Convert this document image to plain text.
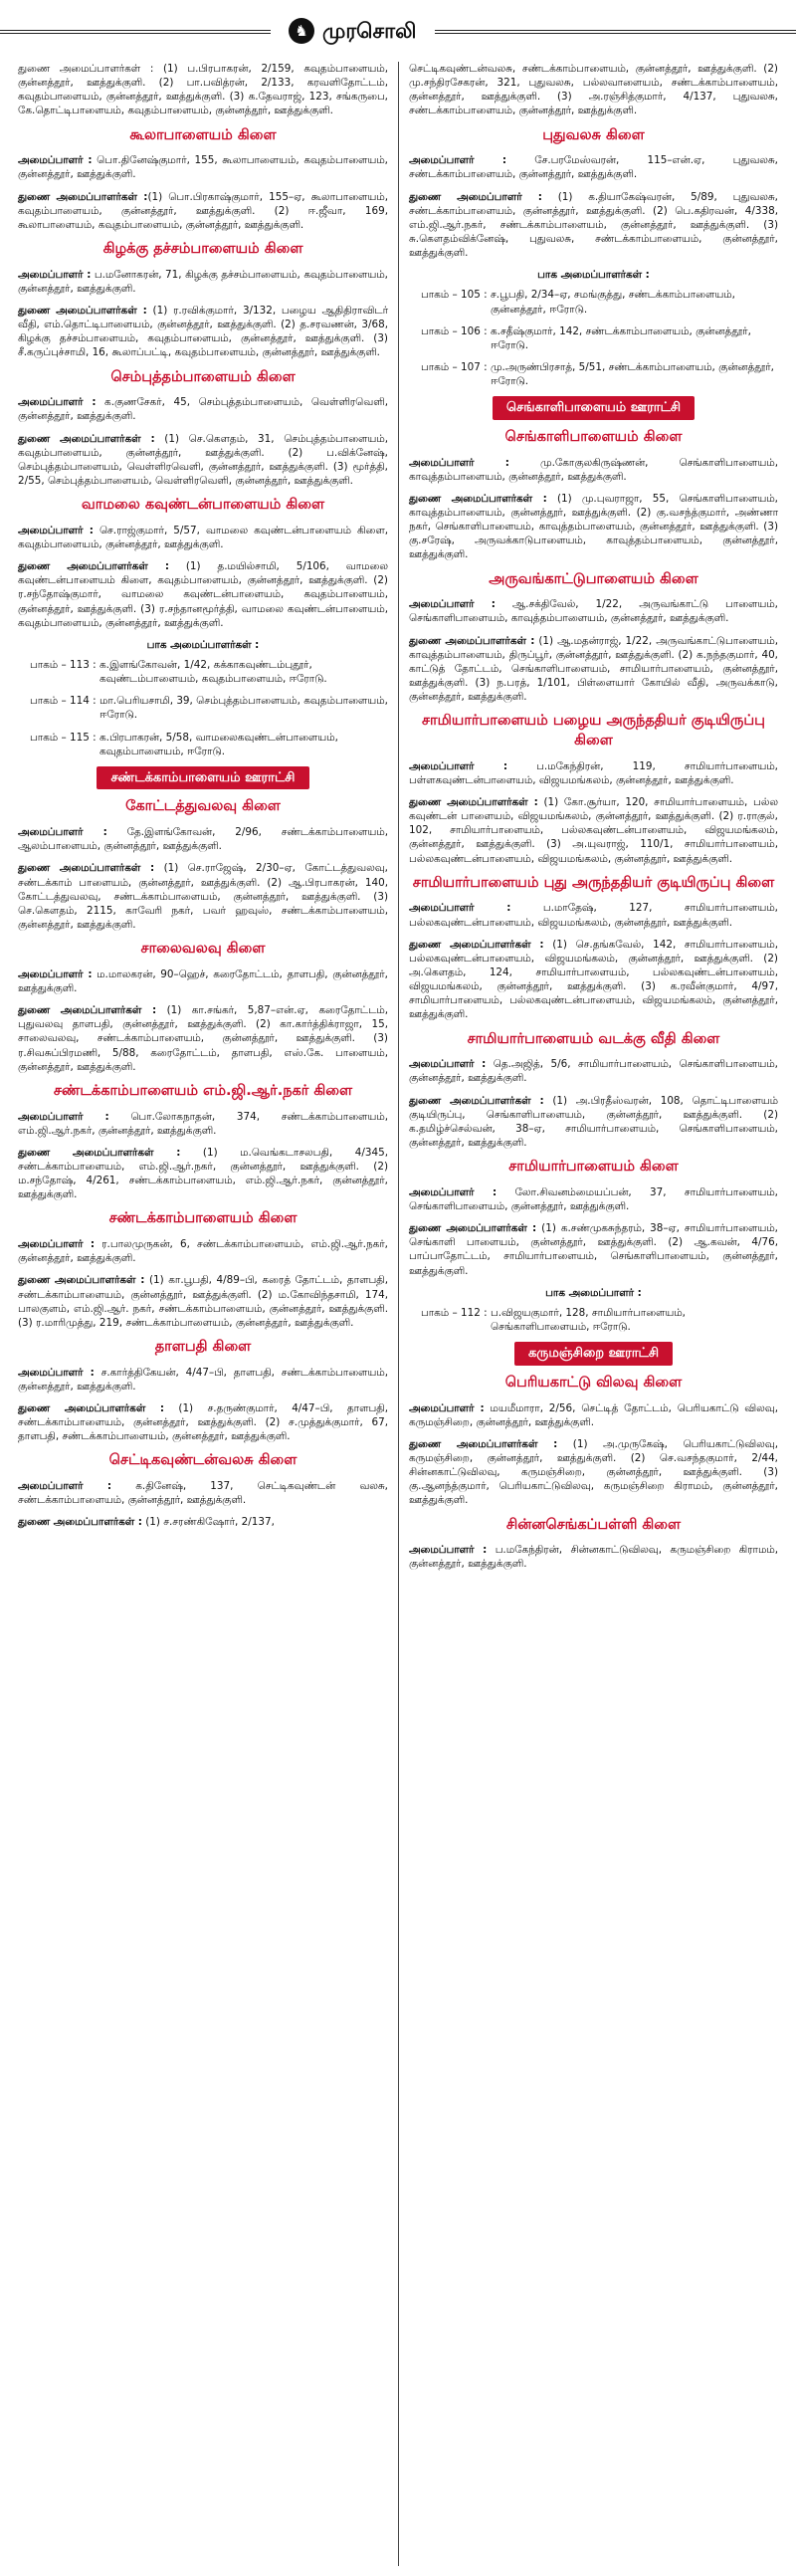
♞ முரசொலி

துணை அமைப்பாளர்கள் : (1) ப.பிரபாகரன், 2/159, கவுதம்பாளையம், குன்னத்தூர், ஊத்துக்குளி. (2) பா.பவித்ரன், 2/133, கரவளிதோட்டம், கவுதம்பாளையம், குன்னத்தூர், ஊத்துக்குளி. (3) க.தேவராஜ், 123, சங்கருபை, கே.தொட்டிபாளையம், கவுதம்பாளையம், குன்னத்தூர், ஊத்துக்குளி.

கூலாபாளையம் கிளை

அமைப்பாளர் : பொ.தினேஷ்குமார், 155, கூலாபாளையம், கவுதம்பாளையம், குன்னத்தூர், ஊத்துக்குளி.

துணை அமைப்பாளர்கள் :(1) பொ.பிரகாஷ்குமார், 155–ஏ, கூலாபாளையம், கவுதம்பாளையம், குன்னத்தூர், ஊத்துக்குளி. (2) ஈ.ஜீவா, 169, கூலாபாளையம், கவுதம்பாளையம், குன்னத்தூர், ஊத்துக்குளி.

கிழக்கு தச்சம்பாளையம் கிளை

அமைப்பாளர் : ப.மனோகரன், 71, கிழக்கு தச்சம்பாளையம், கவுதம்பாளையம், குன்னத்தூர், ஊத்துக்குளி.

துணை அமைப்பாளர்கள் : (1) ர.ரவிக்குமார், 3/132, பழைய ஆதிதிராவிடர் வீதி, எம்.தொட்டிபாளையம், குன்னத்தூர், ஊத்துக்குளி. (2) த.சரவணன், 3/68, கிழக்கு தச்சம்பாளையம், கவுதம்பாளையம், குன்னத்தூர், ஊத்துக்குளி. (3) சீ.கருப்புச்சாமி, 16, கூலாப்பட்டி, கவுதம்பாளையம், குன்னத்தூர், ஊத்துக்குளி.

செம்புத்தம்பாளையம் கிளை

அமைப்பாளர் : க.குணசேகர், 45, செம்புத்தம்பாளையம், வெள்ளிரவெளி, குன்னத்தூர், ஊத்துக்குளி.

துணை அமைப்பாளர்கள் : (1) செ.கௌதம், 31, செம்புத்தம்பாளையம், கவுதம்பாளையம், குன்னத்தூர், ஊத்துக்குளி. (2) ப.விக்னேஷ், செம்புத்தம்பாளையம், வெள்ளிரவெளி, குன்னத்தூர், ஊத்துக்குளி. (3) மூர்த்தி, 2/55, செம்புத்தம்பாளையம், வெள்ளிரவெளி, குன்னத்தூர், ஊத்துக்குளி.

வாமலை கவுண்டன்பாளையம் கிளை

அமைப்பாளர் : செ.ராஜ்குமார், 5/57, வாமலை கவுண்டன்பாளையம் கிளை, கவுதம்பாளையம், குன்னத்தூர், ஊத்துக்குளி.

துணை அமைப்பாளர்கள் : (1) த.மயில்சாமி, 5/106, வாமலை கவுண்டன்பாளையம் கிளை, கவுதம்பாளையம், குன்னத்தூர், ஊத்துக்குளி. (2) ர.சந்தோஷ்குமார், வாமலை கவுண்டன்பாளையம், கவுதம்பாளையம், குன்னத்தூர், ஊத்துக்குளி. (3) ர.சந்தானமூர்த்தி, வாமலை கவுண்டன்பாளையம், கவுதம்பாளையம், குன்னத்தூர், ஊத்துக்குளி.

பாக அமைப்பாளர்கள் :
பாகம் – 113 : க.இளங்கோவன், 1/42, கக்காகவுண்டம்புதூர், கவுண்டம்பாளையம், கவுதம்பாளையம், ஈரோடு.
பாகம் – 114 : மா.பெரியசாமி, 39, செம்புத்தம்பாளையம், கவுதம்பாளையம், ஈரோடு.
பாகம் – 115 : க.பிரபாகரன், 5/58, வாமலைகவுண்டன்பாளையம், கவுதம்பாளையம், ஈரோடு.
சண்டக்காம்பாளையம் ஊராட்சி
கோட்டத்துவலவு கிளை

அமைப்பாளர் : தே.இளங்கோவன், 2/96, சண்டக்காம்பாளையம், ஆலம்பாளையம், குன்னத்தூர், ஊத்துக்குளி.

துணை அமைப்பாளர்கள் : (1) செ.ராஜேஷ், 2/30–ஏ, கோட்டத்துவலவு, சண்டக்காம் பாளையம், குன்னத்தூர், ஊத்துக்குளி. (2) ஆ.பிரபாகரன், 140, கோட்டத்துவலவு, சண்டக்காம்பாளையம், குன்னத்தூர், ஊத்துக்குளி. (3) செ.கௌதம், 2115, காவேரி நகர், பவர் ஹவுஸ், சண்டக்காம்பாளையம், குன்னத்தூர், ஊத்துக்குளி.

சாலைவலவு கிளை

அமைப்பாளர் : ம.மாலகரன், 90–ஹெச், கரைதோட்டம், தாளபதி, குன்னத்தூர், ஊத்துக்குளி.

துணை அமைப்பாளர்கள் : (1) கா.சங்கர், 5,87–என்.ஏ, கரைதோட்டம், புதுவலவு தாளபதி, குன்னத்தூர், ஊத்துக்குளி. (2) கா.கார்த்திக்ராஜா, 15, சாலைவலவு, சண்டக்காம்பாளையம், குன்னத்தூர், ஊத்துக்குளி. (3) ர.சிவசுப்பிரமணி, 5/88, கரைதோட்டம், தாளபதி, எஸ்.கே. பாளையம், குன்னத்தூர், ஊத்துக்குளி.

சண்டக்காம்பாளையம் எம்.ஜி.ஆர்.நகர் கிளை

அமைப்பாளர் : பொ.லோகநாதன், 374, சண்டக்காம்பாளையம், எம்.ஜி.ஆர்.நகர், குன்னத்தூர், ஊத்துக்குளி.

துணை அமைப்பாளர்கள் : (1) ம.வெங்கடாசலபதி, 4/345, சண்டக்காம்பாளையம், எம்.ஜி.ஆர்.நகர், குன்னத்தூர், ஊத்துக்குளி. (2) ம.சந்தோஷ், 4/261, சண்டக்காம்பாளையம், எம்.ஜி.ஆர்.நகர், குன்னத்தூர், ஊத்துக்குளி.

சண்டக்காம்பாளையம் கிளை

அமைப்பாளர் : ர.பாலமுருகன், 6, சண்டக்காம்பாளையம், எம்.ஜி.ஆர்.நகர், குன்னத்தூர், ஊத்துக்குளி.

துணை அமைப்பாளர்கள் : (1) கா.பூபதி, 4/89–பி, கரைத் தோட்டம், தாளபதி, சண்டக்காம்பாளையம், குன்னத்தூர், ஊத்துக்குளி. (2) ம.கோவிந்தசாமி, 174, பாலகுளம், எம்.ஜி.ஆர். நகர், சண்டக்காம்பாளையம், குன்னத்தூர், ஊத்துக்குளி. (3) ர.மாரிமுத்து, 219, சண்டக்காம்பாளையம், குன்னத்தூர், ஊத்துக்குளி.

தாளபதி கிளை

அமைப்பாளர் : ச.கார்த்திகேயன், 4/47–பி, தாளபதி, சண்டக்காம்பாளையம், குன்னத்தூர், ஊத்துக்குளி.

துணை அமைப்பாளர்கள் : (1) ச.தருண்குமார், 4/47–பி, தாளபதி, சண்டக்காம்பாளையம், குன்னத்தூர், ஊத்துக்குளி. (2) ச.முத்துக்குமார், 67, தாளபதி, சண்டக்காம்பாளையம், குன்னத்தூர், ஊத்துக்குளி.

செட்டிகவுண்டன்வலசு கிளை

அமைப்பாளர் : க.தினேஷ், 137, செட்டிகவுண்டன் வலசு, சண்டக்காம்பாளையம், குன்னத்தூர், ஊத்துக்குளி.

துணை அமைப்பாளர்கள் : (1) ச.சரண்கிஷோர், 2/137,

செட்டிகவுண்டன்வலசு, சண்டக்காம்பாளையம், குன்னத்தூர், ஊத்துக்குளி. (2) மு.சந்திரசேகரன், 321, புதுவலசு, பல்லவாளையம், சண்டக்காம்பாளையம், குன்னத்தூர், ஊத்துக்குளி. (3) அ.ரஞ்சித்குமார், 4/137, புதுவலசு, சண்டக்காம்பாளையம், குன்னத்தூர், ஊத்துக்குளி.

புதுவலசு கிளை

அமைப்பாளர் : சே.பரமேஸ்வரன், 115–என்.ஏ, புதுவலசு, சண்டக்காம்பாளையம், குன்னத்தூர், ஊத்துக்குளி.

துணை அமைப்பாளர் : (1) க.தியாகேஷ்வரன், 5/89, புதுவலசு, சண்டக்காம்பாளையம், குன்னத்தூர், ஊத்துக்குளி. (2) பெ.கதிரவன், 4/338, எம்.ஜி.ஆர்.நகர், சண்டக்காம்பாளையம், குன்னத்தூர், ஊத்துக்குளி. (3) சு.கௌதம்விக்னேஷ், புதுவலசு, சண்டக்காம்பாளையம், குன்னத்தூர், ஊத்துக்குளி.

பாக அமைப்பாளர்கள் :
பாகம் – 105 : ச.பூபதி, 2/34–ஏ, சமங்குத்து, சண்டக்காம்பாளையம், குன்னத்தூர், ஈரோடு.
பாகம் – 106 : க.சதீஷ்குமார், 142, சண்டக்காம்பாளையம், குன்னத்தூர், ஈரோடு.
பாகம் – 107 : மு.அருண்பிரசாத், 5/51, சண்டக்காம்பாளையம், குன்னத்தூர், ஈரோடு.
செங்காளிபாளையம் ஊராட்சி
செங்காளிபாளையம் கிளை

அமைப்பாளர் : மு.கோகுலகிருஷ்ணன், செங்காளிபாளையம், காவுத்தம்பாளையம், குன்னத்தூர், ஊத்துக்குளி.

துணை அமைப்பாளர்கள் : (1) மு.புவராஜா, 55, செங்காளிபாளையம், காவுத்தம்பாளையம், குன்னத்தூர், ஊத்துக்குளி. (2) கு.வசந்த்குமார், அண்ணா நகர், செங்காளிபாளையம், காவுத்தம்பாளையம், குன்னத்தூர், ஊத்துக்குளி. (3) கு.சரேஷ், அருவக்காடுபாளையம், காவுத்தம்பாளையம், குன்னத்தூர், ஊத்துக்குளி.

அருவங்காட்டுபாளையம் கிளை

அமைப்பாளர் : ஆ.சக்திவேல், 1/22, அருவங்காட்டு பாளையம், செங்காளிபாளையம், காவுத்தம்பாளையம், குன்னத்தூர், ஊத்துக்குளி.

துணை அமைப்பாளர்கள் : (1) ஆ.மதன்ராஜ், 1/22, அருவங்காட்டுபாளையம், காவுத்தம்பாளையம், திருப்பூர், குன்னத்தூர், ஊத்துக்குளி. (2) க.நந்தகுமார், 40, காட்டுத் தோட்டம், செங்காளிபாளையம், சாமியார்பாளையம், குன்னத்தூர், ஊத்துக்குளி. (3) ந.பரத், 1/101, பிள்ளையார் கோயில் வீதி, அருவக்காடு, குன்னத்தூர், ஊத்துக்குளி.

சாமியார்பாளையம் பழைய அருந்ததியர் குடியிருப்பு கிளை

அமைப்பாளர் : ப.மகேந்திரன், 119, சாமியார்பாளையம், பள்ளகவுண்டன்பாளையம், விஜயமங்கலம், குன்னத்தூர், ஊத்துக்குளி.

துணை அமைப்பாளர்கள் : (1) கோ.சூர்யா, 120, சாமியார்பாளையம், பல்ல கவுண்டன் பாளையம், விஜயமங்கலம், குன்னத்தூர், ஊத்துக்குளி. (2) ர.ராகுல், 102, சாமியார்பாளையம், பல்லகவுண்டன்பாளையம், விஜயமங்கலம், குன்னத்தூர், ஊத்துக்குளி. (3) அ.யுவராஜ், 110/1, சாமியார்பாளையம், பல்லகவுண்டன்பாளையம், விஜயமங்கலம், குன்னத்தூர், ஊத்துக்குளி.

சாமியார்பாளையம் புது அருந்ததியர் குடியிருப்பு கிளை

அமைப்பாளர் : ப.மாதேஷ், 127, சாமியார்பாளையம், பல்லகவுண்டன்பாளையம், விஜயமங்கலம், குன்னத்தூர், ஊத்துக்குளி.

துணை அமைப்பாளர்கள் : (1) செ.தங்கவேல், 142, சாமியார்பாளையம், பல்லகவுண்டன்பாளையம், விஜயமங்கலம், குன்னத்தூர், ஊத்துக்குளி. (2) அ.கௌதம், 124, சாமியார்பாளையம், பல்லகவுண்டன்பாளையம், விஜயமங்கலம், குன்னத்தூர், ஊத்துக்குளி. (3) க.ரவீன்குமார், 4/97, சாமியார்பாளையம், பல்லகவுண்டன்பாளையம், விஜயமங்கலம், குன்னத்தூர், ஊத்துக்குளி.

சாமியார்பாளையம் வடக்கு வீதி கிளை

அமைப்பாளர் : தெ.அஜித், 5/6, சாமியார்பாளையம், செங்காளிபாளையம், குன்னத்தூர், ஊத்துக்குளி.

துணை அமைப்பாளர்கள் : (1) அ.பிரதீஸ்வரன், 108, தொட்டிபாளையம் குடியிருப்பு, செங்காளிபாளையம், குன்னத்தூர், ஊத்துக்குளி. (2) க.தமிழ்ச்செல்வன், 38–ஏ, சாமியார்பாளையம், செங்காளிபாளையம், குன்னத்தூர், ஊத்துக்குளி.

சாமியார்பாளையம் கிளை

அமைப்பாளர் : லோ.சிவனம்மையப்பன், 37, சாமியார்பாளையம், செங்காளிபாளையம், குன்னத்தூர், ஊத்துக்குளி.

துணை அமைப்பாளர்கள் : (1) க.சண்முகசுந்தரம், 38–ஏ, சாமியார்பாளையம், செங்காளி பாளையம், குன்னத்தூர், ஊத்துக்குளி. (2) ஆ.கவன், 4/76, பாப்பாதோட்டம், சாமியார்பாளையம், செங்காளிபாளையம், குன்னத்தூர், ஊத்துக்குளி.

பாக அமைப்பாளர் :
பாகம் – 112 : ப.விஜயகுமார், 128, சாமியார்பாளையம், செங்காளிபாளையம், ஈரோடு.
கருமஞ்சிறை ஊராட்சி
பெரியகாட்டு விலவு கிளை

அமைப்பாளர் : மயமீமாரா, 2/56, செட்டித் தோட்டம், பெரியகாட்டு விலவு, கருமஞ்சிறை, குன்னத்தூர், ஊத்துக்குளி.

துணை அமைப்பாளர்கள் : (1) அ.முருகேஷ், பெரியகாட்டுவிலவு, கருமஞ்சிறை, குன்னத்தூர், ஊத்துக்குளி. (2) செ.வசந்தகுமார், 2/44, சின்னகாட்டுவிலவு, கருமஞ்சிறை, குன்னத்தூர், ஊத்துக்குளி. (3) கு.ஆனந்த்குமார், பெரியகாட்டுவிலவு, கருமஞ்சிறை கிராமம், குன்னத்தூர், ஊத்துக்குளி.

சின்னசெங்கப்பள்ளி கிளை

அமைப்பாளர் : ப.மகேந்திரன், சின்னகாட்டுவிலவு, கருமஞ்சிறை கிராமம், குன்னத்தூர், ஊத்துக்குளி.
